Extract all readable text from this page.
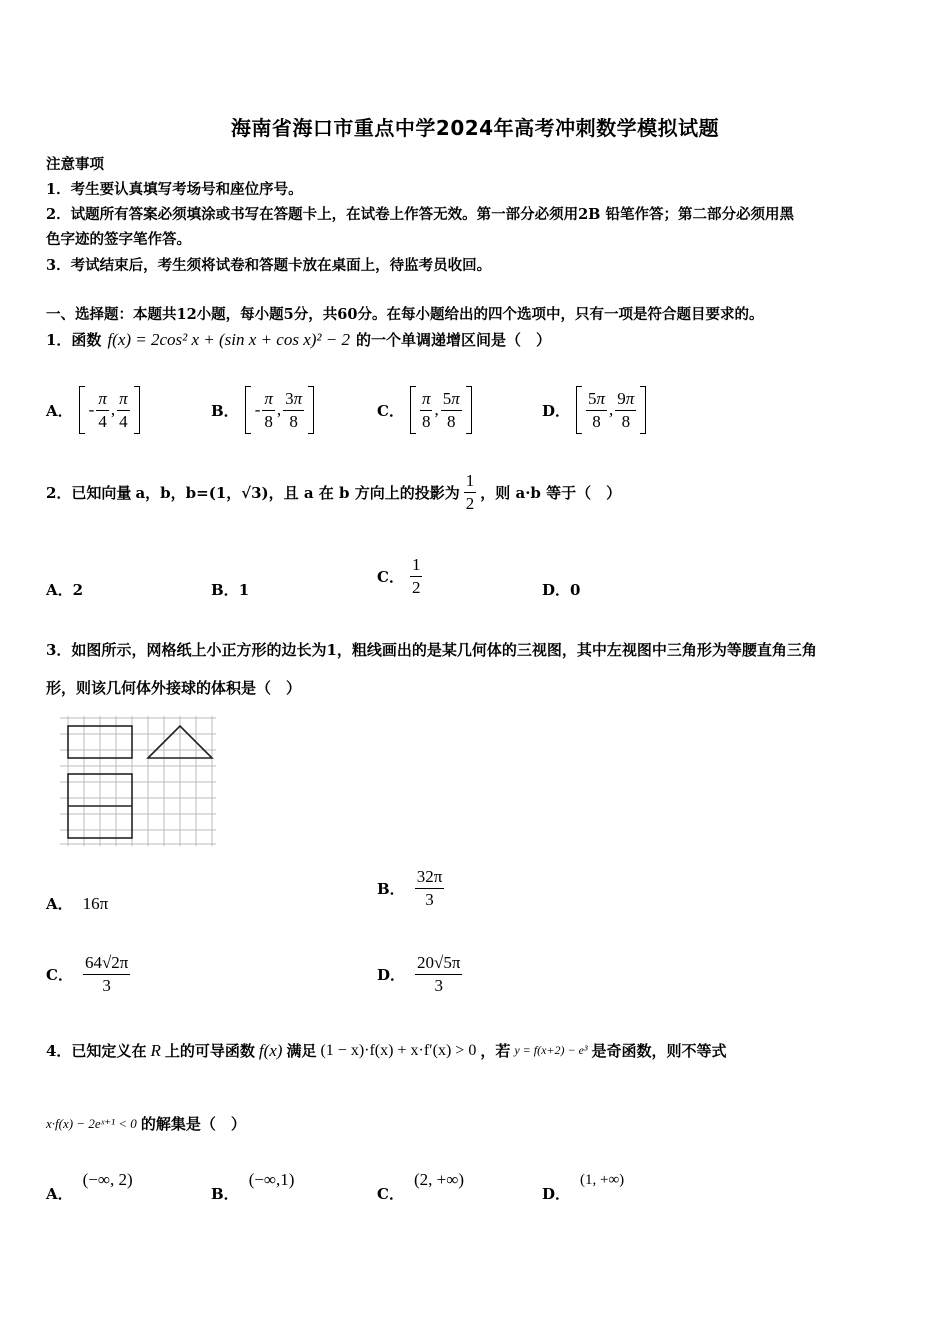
海南省海口市重点中学2024年高考冲刺数学模拟试题
注意事项
1．考生要认真填写考场号和座位序号。
2．试题所有答案必须填涂或书写在答题卡上，在试卷上作答无效。第一部分必须用2B 铅笔作答；第二部分必须用黑
色字迹的签字笔作答。
3．考试结束后，考生须将试卷和答题卡放在桌面上，待监考员收回。
一、选择题：本题共12小题，每小题5分，共60分。在每小题给出的四个选项中，只有一项是符合题目要求的。
1．函数 f(x) = 2cos² x + (sin x + cos x)² − 2 的一个单调递增区间是（　）
A． - $\frac{\pi}{4}$ , $\frac{\pi}{4}$	B． - $\frac{\pi}{8}$ , $\frac{3\pi}{8}$	C． $\frac{\pi}{8}$ , $\frac{5\pi}{8}$	D． $\frac{5\pi}{8}$ , $\frac{9\pi}{8}$
2．已知向量 a，b，b=(1，√3)，且 a 在 b 方向上的投影为 $\frac{1}{2}$ ，则 a·b 等于（　）
A．2	B．1
C． $\frac{1}{2}$	D．0
3．如图所示，网格纸上小正方形的边长为1，粗线画出的是某几何体的三视图，其中左视图中三角形为等腰直角三角
形，则该几何体外接球的体积是（　）
A． 16π
B． $\frac{32\pi}{3}$
C． $\frac{64√2\pi}{3}$	D． $\frac{20√5\pi}{3}$
4．已知定义在 R 上的可导函数 f(x) 满足 (1 − x)·f(x) + x·f′(x) > 0 ，若 y = f(x+2) − e³ 是奇函数，则不等式
x·f(x) − 2eˣ⁺¹ < 0 的解集是（　）
A．
(−∞, 2)
B．
(−∞,1)
C．
(2, +∞)
D．
(1, +∞)
